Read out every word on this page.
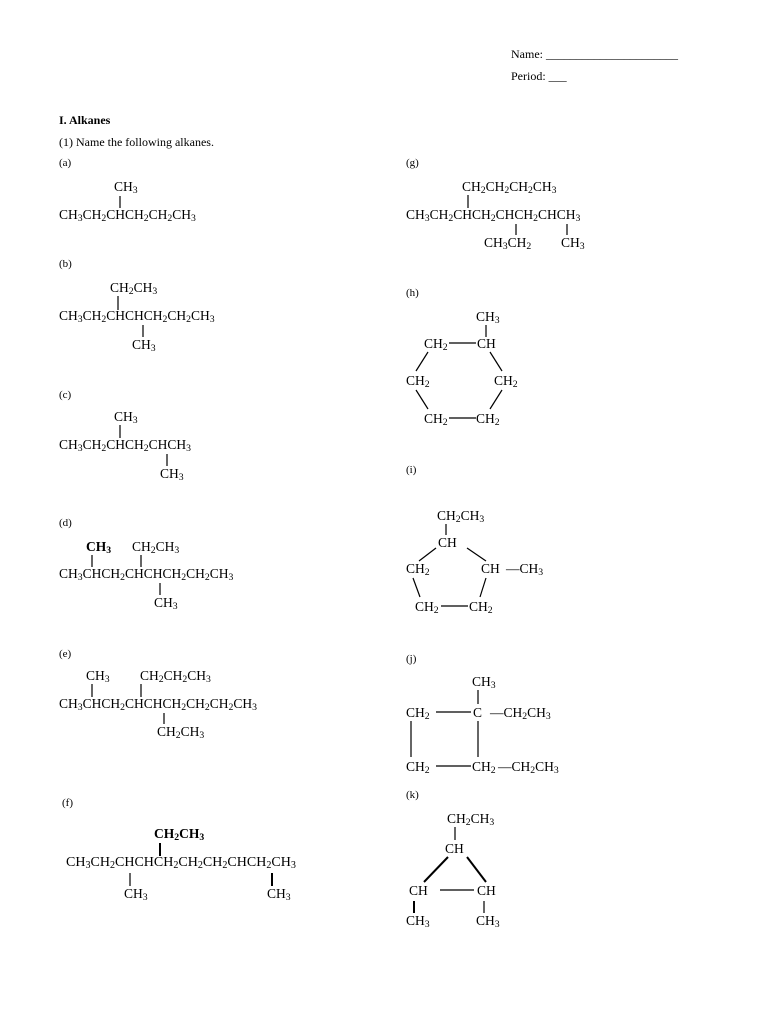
Name: ______________________
Period: ___
I. Alkanes
(1) Name the following alkanes.
(a)
$CH_3$
$CH_3CH_2CHCH_2CH_2CH_3$
(b)
$CH_2CH_3$
$CH_3CH_2CHCHCH_2CH_2CH_3$
$CH_3$
(c)
$CH_3$
$CH_3CH_2CHCH_2CHCH_3$
$CH_3$
(d)
$CH_3$ $CH_2CH_3$
$CH_3CHCH_2CHCHCH_2CH_2CH_3$
$CH_3$
(e)
$CH_3$ $CH_2CH_2CH_3$
$CH_3CHCH_2CHCHCH_2CH_2CH_2CH_3$
$CH_2CH_3$
(f)
$CH_2CH_3$
$CH_3CH_2CHCHCH_2CH_2CH_2CHCH_2CH_3$
$CH_3$	$CH_3$
(g)
$CH_2CH_2CH_2CH_3$
$CH_3CH_2CHCH_2CHCH_2CHCH_3$
$CH_3CH_2$ $CH_3$
(h)
$CH_3$
$CH_2$ CH
$CH_2$	$CH_2$
$CH_2$ $CH_2$
(i)
$CH_2CH_3$
CH
$CH_2$	CH $—CH_3$
$CH_2$ $CH_2$
(j)
$CH_3$
$CH_2$	C $—CH_2CH_3$
$CH_2$	$CH_2$ $—CH_2CH_3$
(k)
$CH_2CH_3$
CH
CH	CH
$CH_3$	$CH_3$
